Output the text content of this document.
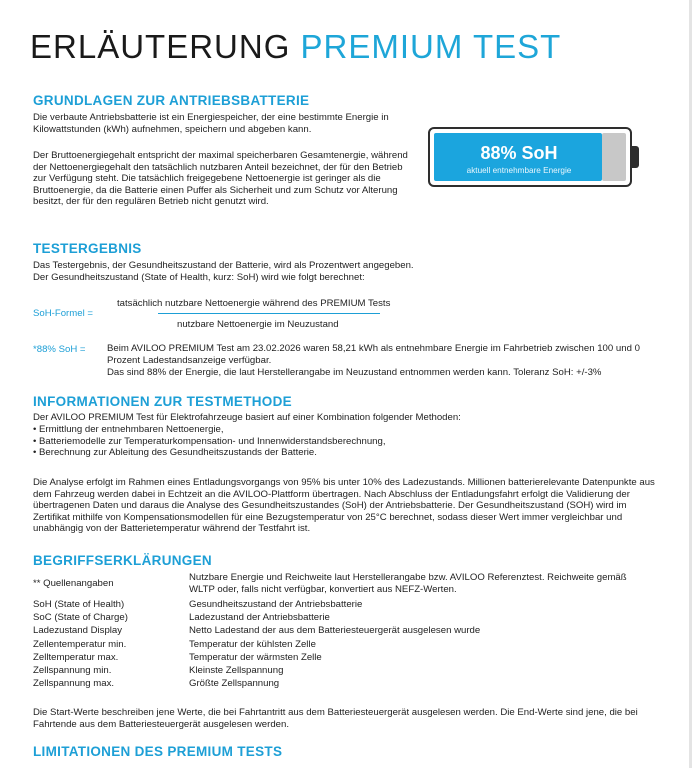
ERLÄUTERUNG PREMIUM TEST
GRUNDLAGEN ZUR ANTRIEBSBATTERIE
Die verbaute Antriebsbatterie ist ein Energiespeicher, der eine bestimmte Energie in Kilowattstunden (kWh) aufnehmen, speichern und abgeben kann.
Der Bruttoenergiegehalt entspricht der maximal speicherbaren Gesamtenergie, während der Nettoenergiegehalt den tatsächlich nutzbaren Anteil bezeichnet, der für den Betrieb zur Verfügung steht. Die tatsächlich freigegebene Nettoenergie ist geringer als die Bruttoenergie, da die Batterie einen Puffer als Sicherheit und zum Schutz vor Alterung besitzt, der für den regulären Betrieb nicht genutzt wird.
88% SoH
aktuell entnehmbare Energie
TESTERGEBNIS
Das Testergebnis, der Gesundheitszustand der Batterie, wird als Prozentwert angegeben.
Der Gesundheitszustand (State of Health, kurz: SoH) wird wie folgt berechnet:
SoH-Formel =
tatsächlich nutzbare Nettoenergie während des PREMIUM Tests
nutzbare Nettoenergie im Neuzustand
*88% SoH = Beim AVILOO PREMIUM Test am 23.02.2026 waren 58,21 kWh als entnehmbare Energie im Fahrbetrieb zwischen 100 und 0 Prozent Ladestandsanzeige verfügbar.
Das sind 88% der Energie, die laut Herstellerangabe im Neuzustand entnommen werden kann. Toleranz SoH: +/-3%
INFORMATIONEN ZUR TESTMETHODE
Der AVILOO PREMIUM Test für Elektrofahrzeuge basiert auf einer Kombination folgender Methoden:
• Ermittlung der entnehmbaren Nettoenergie,
• Batteriemodelle zur Temperaturkompensation- und Innenwiderstandsberechnung,
• Berechnung zur Ableitung des Gesundheitszustands der Batterie.
Die Analyse erfolgt im Rahmen eines Entladungsvorgangs von 95% bis unter 10% des Ladezustands. Millionen batterierelevante Datenpunkte aus dem Fahrzeug werden dabei in Echtzeit an die AVILOO-Plattform übertragen. Nach Abschluss der Entladungsfahrt erfolgt die Validierung der übertragenen Daten und daraus die Analyse des Gesundheitszustandes (SoH) der Antriebsbatterie. Der Gesundheitszustand (SOH) wird im Zertifikat mithilfe von Kompensationsmodellen für eine Bezugstemperatur von 25°C berechnet, sodass dieser Wert immer vergleichbar und unabhängig von der Batterietemperatur während der Testfahrt ist.
BEGRIFFSERKLÄRUNGEN
** Quellenangaben
Nutzbare Energie und Reichweite laut Herstellerangabe bzw. AVILOO Referenztest. Reichweite gemäß WLTP oder, falls nicht verfügbar, konvertiert aus NEFZ-Werten.
SoH (State of Health)	Gesundheitszustand der Antriebsbatterie
SoC (State of Charge)	Ladezustand der Antriebsbatterie
Ladezustand Display	Netto Ladestand der aus dem Batteriesteuergerät ausgelesen wurde
Zellentemperatur min.	Temperatur der kühlsten Zelle
Zelltemperatur max.	Temperatur der wärmsten Zelle
Zellspannung min.	Kleinste Zellspannung
Zellspannung max.	Größte Zellspannung
Die Start-Werte beschreiben jene Werte, die bei Fahrtantritt aus dem Batteriesteuergerät ausgelesen werden. Die End-Werte sind jene, die bei Fahrtende aus dem Batteriesteuergerät ausgelesen werden.
LIMITATIONEN DES PREMIUM TESTS
